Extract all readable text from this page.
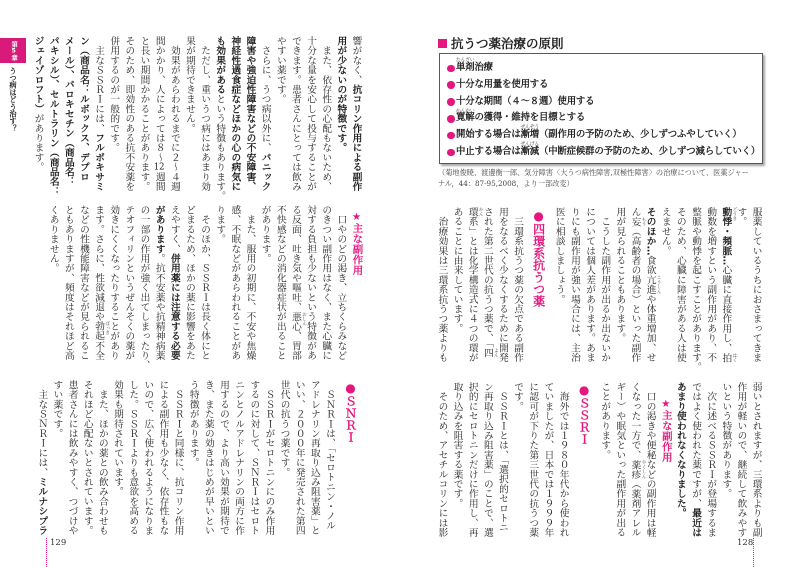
第5章
うつ病はどう治す？
響がなく、抗コリン作用による副作
用が少ないのが特徴です。
　また、依存性の心配もないため、
十分な量を安心して投与することが
できます。患者さんにとっては飲み
やすい薬です。
　さらに、うつ病以外に、パニック
障害や強迫性障害などの不安障害、
神経性過食症などほかの心の病気に
も効果があるという特徴もあります。
　ただし、重いうつ病にはあまり効
果が期待できません。
　効果があらわれるまでに２～４週
間かかり、人によっては８～12週間
と長い期間かかることがあります。
そのため、即効性のある抗不安薬を
併用するのが一般的です。
　主なＳＳＲＩには、フルボキサミ
ン（商品名：ルボックス、デプロ
メール）、パロキセチン（商品名：
パキシル）、セルトラリン（商品名：
ジェイゾロフト）があります。
★主な副作用
　口やのどの渇き、立ちくらみなど
のきつい副作用はなく、また心臓に
対する負担も少ないという特徴があ
る反面、吐き気や嘔吐、悪心 おしん
、胃部
不快感などの消化器症状が出ること
があります。
　また、服用の初期に、不安や焦燥
感、不眠などがあらわれることがあ
ります。
　そのほか、ＳＳＲＩは長く体にと
どまるため、ほかの薬に影響をあた
えやすく、併用薬には注意する必要
があります。抗不安薬や抗精神病薬
の一部の作用が強く出てしまったり、
テオフィリンというぜんそくの薬が
効きにくくなったりすることがあり
ます。さらに、性欲減退や勃起 ぼっき
不全
などの性機能障害などが見られるこ
ともありますが、頻度はそれほど高
くありません。
●ＳＮＲＩ
　ＳＮＲＩは、「セロトニン・ノル
アドレナリン再取り込み阻害薬」と
いい、２０００年に発売された第四
世代の抗うつ薬です。
　ＳＳＲＩがセロトニンにのみ作用
するのに対して、ＳＮＲＩはセロト
ニンとノルアドレナリンの両方に作
用するので、より高い効果が期待で
き、また薬の効きはじめが早いとい
う特徴があります。
　ＳＳＲＩと同様に、抗コリン作用
による副作用も少なく、依存性もな
いので、広く使われるようになりま
した。ＳＳＲＩよりも意欲を高める
効果も期待されています。
　また、ほかの薬との飲み合わせも
それほど心配ないとされています。
患者さんには飲みやすく、つづけや
すい薬です。
　主なＳＮＲＩには、ミルナシプラ
129
抗うつ薬治療の原則
単剤
たんざい
治療
十分な用量を使用する
十分な期間（４～８週）使用する
寛解
かんかい
の獲得・維持を目標とする
開始する場合は漸増
ぜんぞう
（副作用の予防のため、少しずつふやしていく）
中止する場合は漸減
ぜんげん
（中断症候群の予防のため、少しずつ減らしていく）
（菊地俊暁、渡邊衡一郎、気分障害〈大うつ病性障害,双極性障害〉の治療について、医薬ジャー
ナル，44：87-95,2008，より一部改変）
服薬しているうちにおさまってきま
す。
動悸 どうき
・頻脈…心臓に直接作用し、拍 はく
動数を増すという副作用があり、不
整脈や動悸を起こすことがあります。
そのため、心臓に障害がある人は使
えません。
そのほか…食欲亢進 こうしん
や体重増加、せ
ん妄 もう
（高齢者の場合）といった副作
用が見られることもあります。
　こうした副作用が出るか出ないか
については個人差があります。あま
りにも副作用が強い場合には、主治
医に相談しましょう。
●四環系抗うつ薬
　三環系抗うつ薬の欠点である副作
用をなるべく少なくするために開発
された第二世代の抗うつ薬で、「四 よん
環 かん
系」とは化学構造式に４つの環が
あることに由来しています。
　治療効果は三環系抗うつ薬よりも
弱いとされますが、三環系よりも副
作用が軽いので、継続して飲みやす
いという特徴があります。
　次に述べるＳＳＲＩが登場するま
ではよく使われた薬ですが、最近は
あまり使われなくなりました。
★主な副作用
　口の渇きや便秘などの副作用は軽
くなった一方で、薬疹 やくしん
（薬剤アレル
ギー）や眠気といった副作用が出る
ことがあります。
●ＳＳＲＩ
　海外では１９８０年代から使われ
ていましたが、日本では１９９９年
に認可が下りた第三世代の抗うつ薬
です。
　ＳＳＲＩとは、「選択的セロトニ
ン再取り込み阻害薬」のことで、選
択的にセロトニンだけに作用し、再
取り込みを阻害する薬です。
　そのため、アセチルコリンには影
128
